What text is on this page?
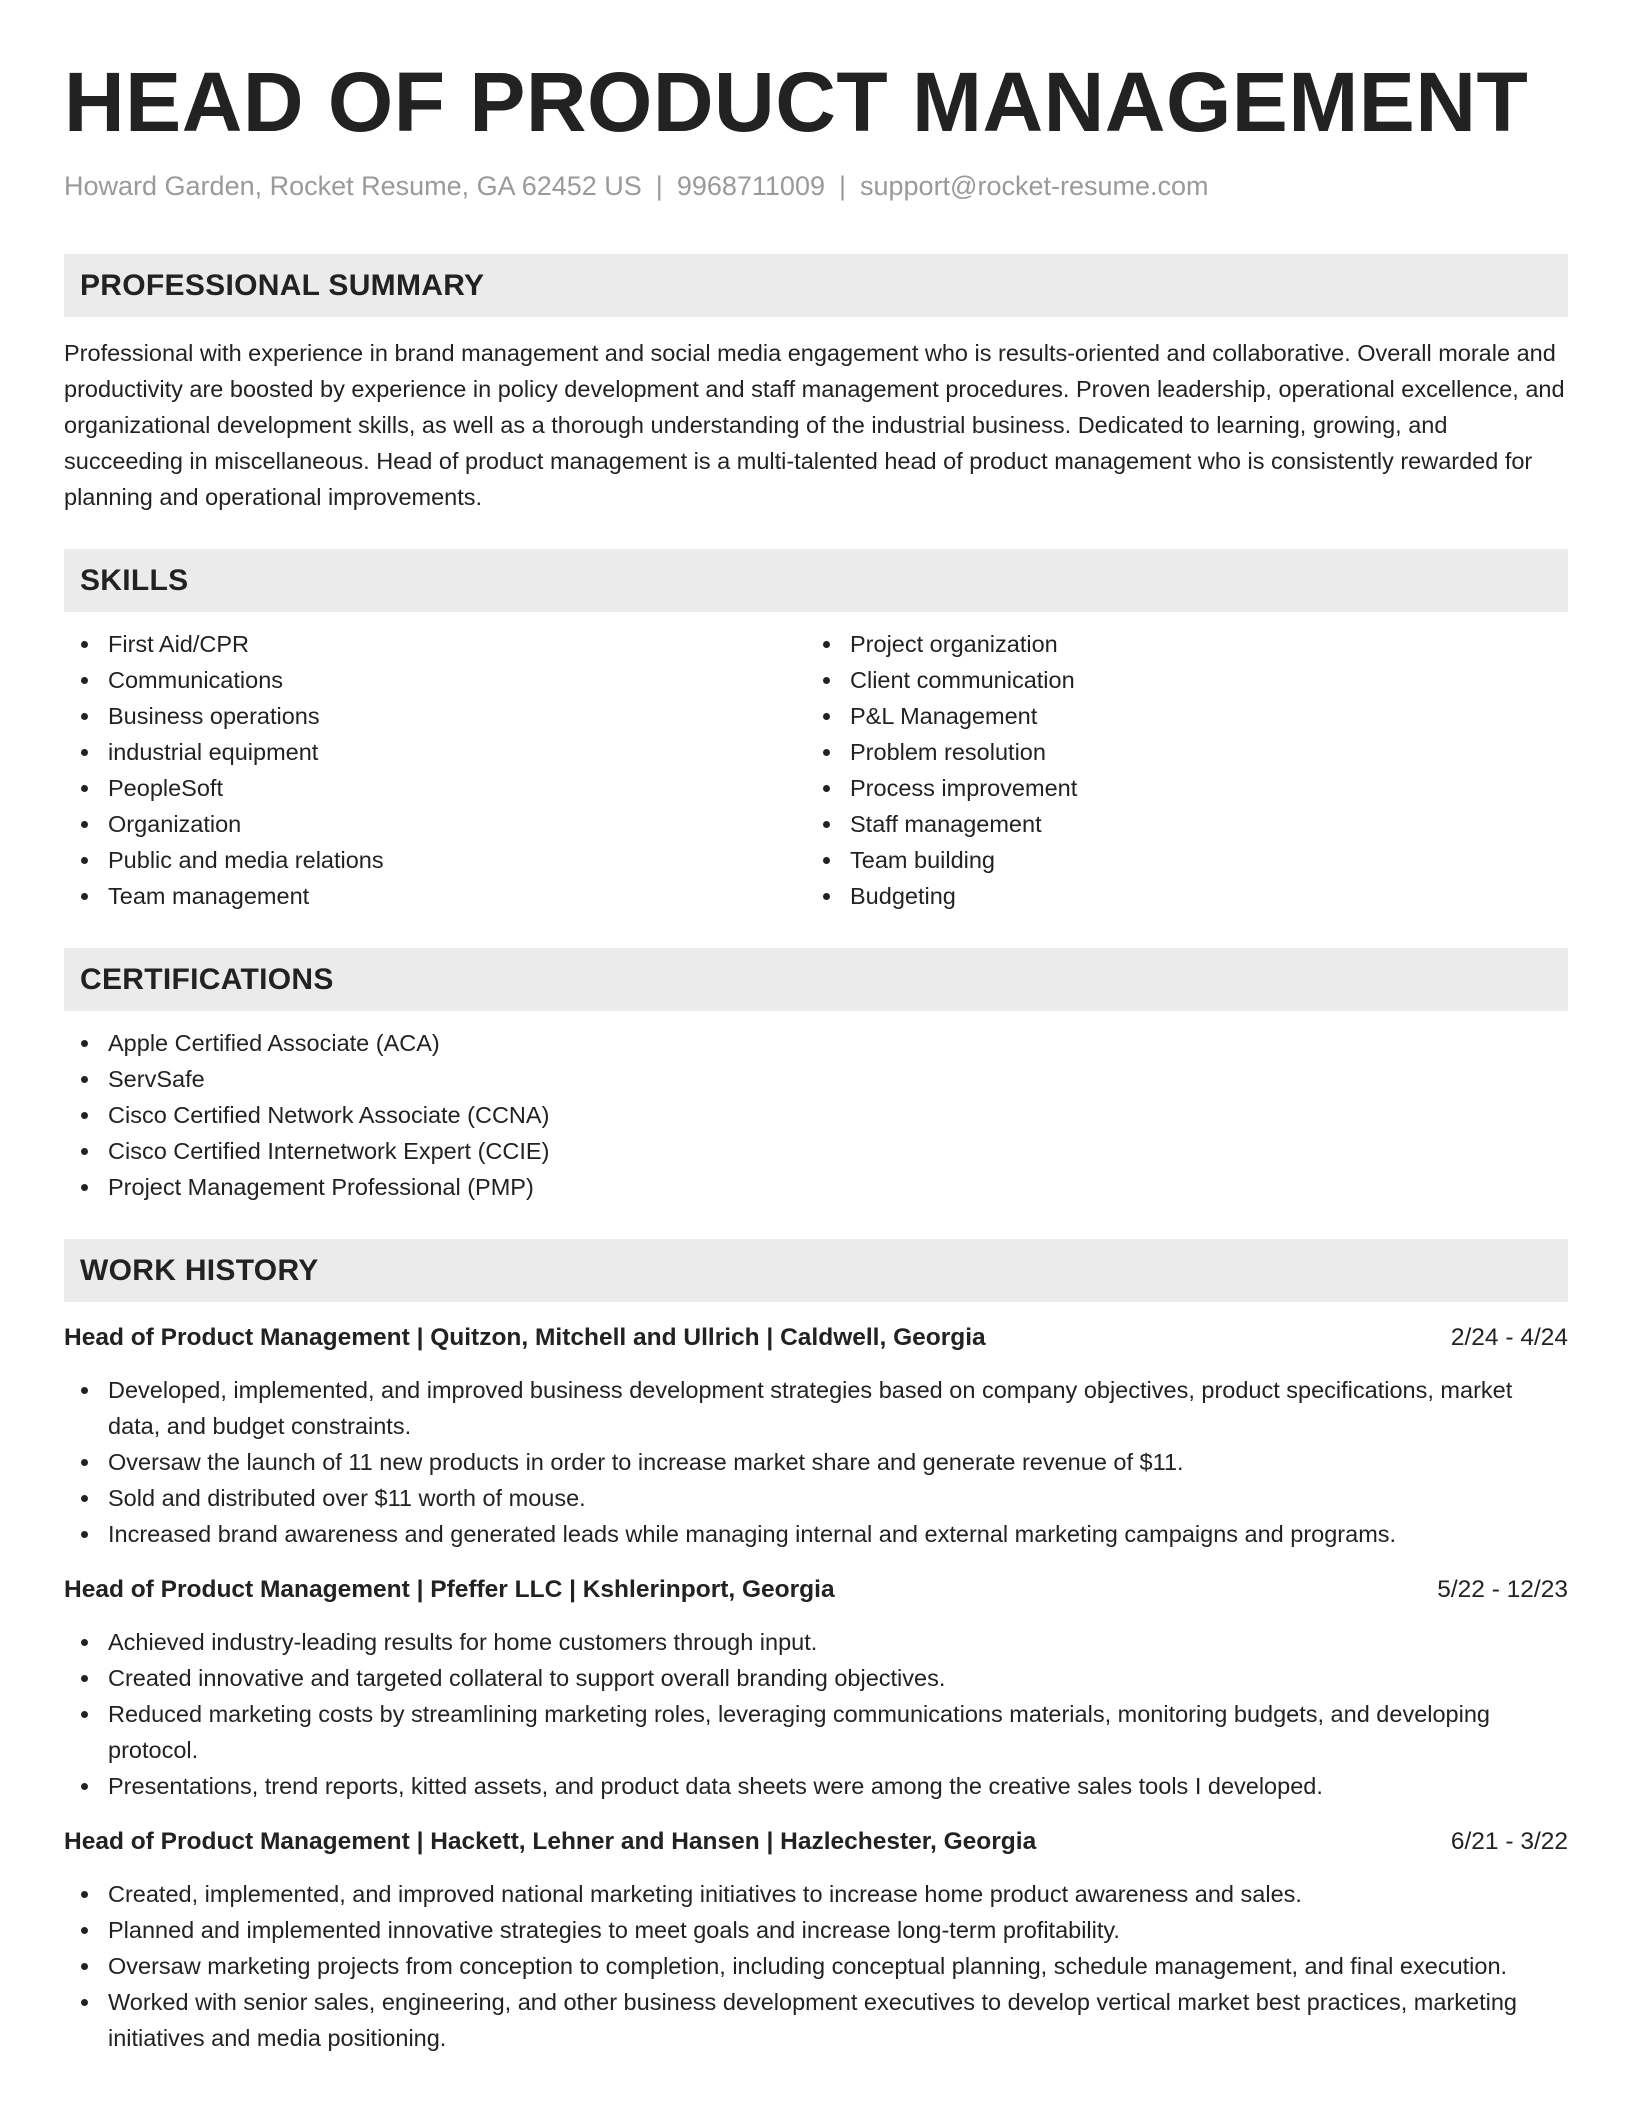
HEAD OF PRODUCT MANAGEMENT
Howard Garden, Rocket Resume, GA 62452 US | 9968711009 | support@rocket-resume.com
PROFESSIONAL SUMMARY

Professional with experience in brand management and social media engagement who is results-oriented and collaborative. Overall morale and productivity are boosted by experience in policy development and staff management procedures. Proven leadership, operational excellence, and organizational development skills, as well as a thorough understanding of the industrial business. Dedicated to learning, growing, and succeeding in miscellaneous. Head of product management is a multi-talented head of product management who is consistently rewarded for planning and operational improvements.

SKILLS
First Aid/CPR
Communications
Business operations
industrial equipment
PeopleSoft
Organization
Public and media relations
Team management
Project organization
Client communication
P&L Management
Problem resolution
Process improvement
Staff management
Team building
Budgeting
CERTIFICATIONS
Apple Certified Associate (ACA)
ServSafe
Cisco Certified Network Associate (CCNA)
Cisco Certified Internetwork Expert (CCIE)
Project Management Professional (PMP)
WORK HISTORY
Head of Product Management | Quitzon, Mitchell and Ullrich | Caldwell, Georgia	2/24 - 4/24
Developed, implemented, and improved business development strategies based on company objectives, product specifications, market data, and budget constraints.
Oversaw the launch of 11 new products in order to increase market share and generate revenue of $11.
Sold and distributed over $11 worth of mouse.
Increased brand awareness and generated leads while managing internal and external marketing campaigns and programs.
Head of Product Management | Pfeffer LLC | Kshlerinport, Georgia	5/22 - 12/23
Achieved industry-leading results for home customers through input.
Created innovative and targeted collateral to support overall branding objectives.
Reduced marketing costs by streamlining marketing roles, leveraging communications materials, monitoring budgets, and developing protocol.
Presentations, trend reports, kitted assets, and product data sheets were among the creative sales tools I developed.
Head of Product Management | Hackett, Lehner and Hansen | Hazlechester, Georgia	6/21 - 3/22
Created, implemented, and improved national marketing initiatives to increase home product awareness and sales.
Planned and implemented innovative strategies to meet goals and increase long-term profitability.
Oversaw marketing projects from conception to completion, including conceptual planning, schedule management, and final execution.
Worked with senior sales, engineering, and other business development executives to develop vertical market best practices, marketing initiatives and media positioning.
